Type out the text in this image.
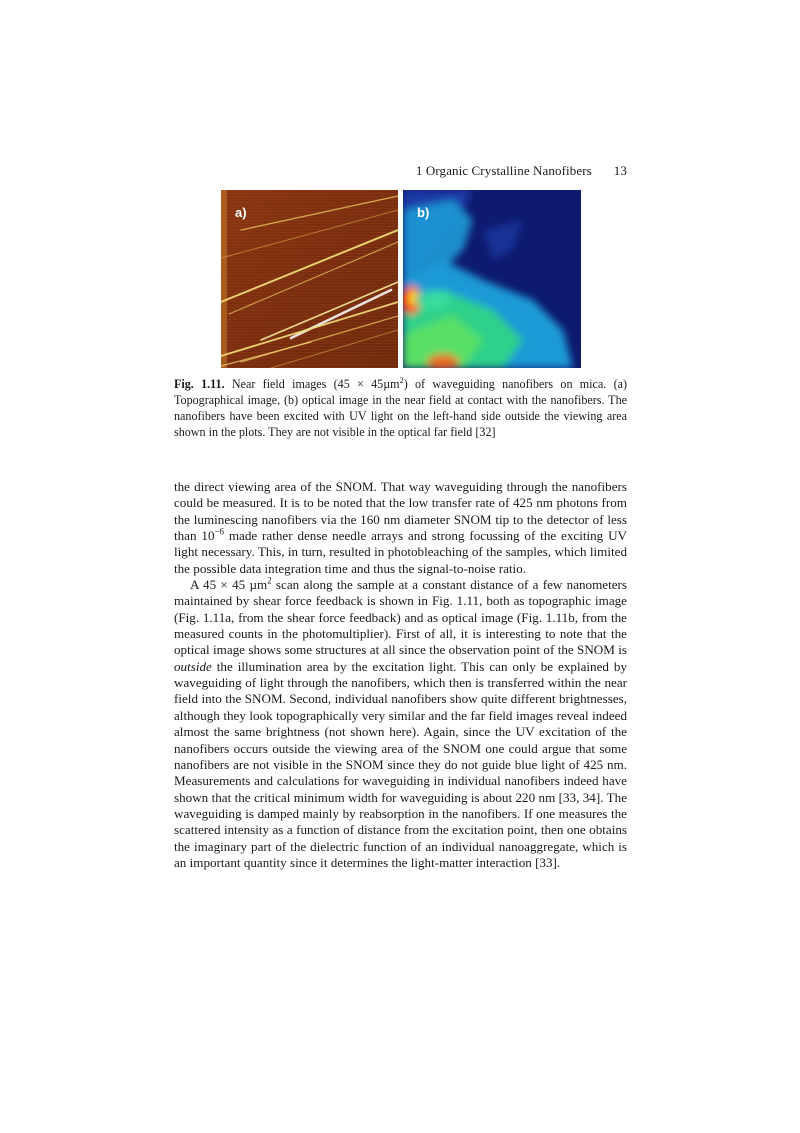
1 Organic Crystalline Nanofibers 13
a)	b)
Fig. 1.11. Near field images (45 × 45µm$^2$) of waveguiding nanofibers on mica. (a) Topographical image, (b) optical image in the near field at contact with the nanofibers. The nanofibers have been excited with UV light on the left-hand side outside the viewing area shown in the plots. They are not visible in the optical far field [32]

the direct viewing area of the SNOM. That way waveguiding through the nanofibers could be measured. It is to be noted that the low transfer rate of 425 nm photons from the luminescing nanofibers via the 160 nm diameter SNOM tip to the detector of less than $10^{-6}$ made rather dense needle arrays and strong focussing of the exciting UV light necessary. This, in turn, resulted in photobleaching of the samples, which limited the possible data integration time and thus the signal-to-noise ratio.

A 45 × 45 µm$^2$ scan along the sample at a constant distance of a few nanometers maintained by shear force feedback is shown in Fig. 1.11, both as topographic image (Fig. 1.11a, from the shear force feedback) and as optical image (Fig. 1.11b, from the measured counts in the photomultiplier). First of all, it is interesting to note that the optical image shows some structures at all since the observation point of the SNOM is outside the illumination area by the excitation light. This can only be explained by waveguiding of light through the nanofibers, which then is transferred within the near field into the SNOM. Second, individual nanofibers show quite different brightnesses, although they look topographically very similar and the far field images reveal indeed almost the same brightness (not shown here). Again, since the UV excitation of the nanofibers occurs outside the viewing area of the SNOM one could argue that some nanofibers are not visible in the SNOM since they do not guide blue light of 425 nm. Measurements and calculations for waveguiding in individual nanofibers indeed have shown that the critical minimum width for waveguiding is about 220 nm [33, 34]. The waveguiding is damped mainly by reabsorption in the nanofibers. If one measures the scattered intensity as a function of distance from the excitation point, then one obtains the imaginary part of the dielectric function of an individual nanoaggregate, which is an important quantity since it determines the light-matter interaction [33].
